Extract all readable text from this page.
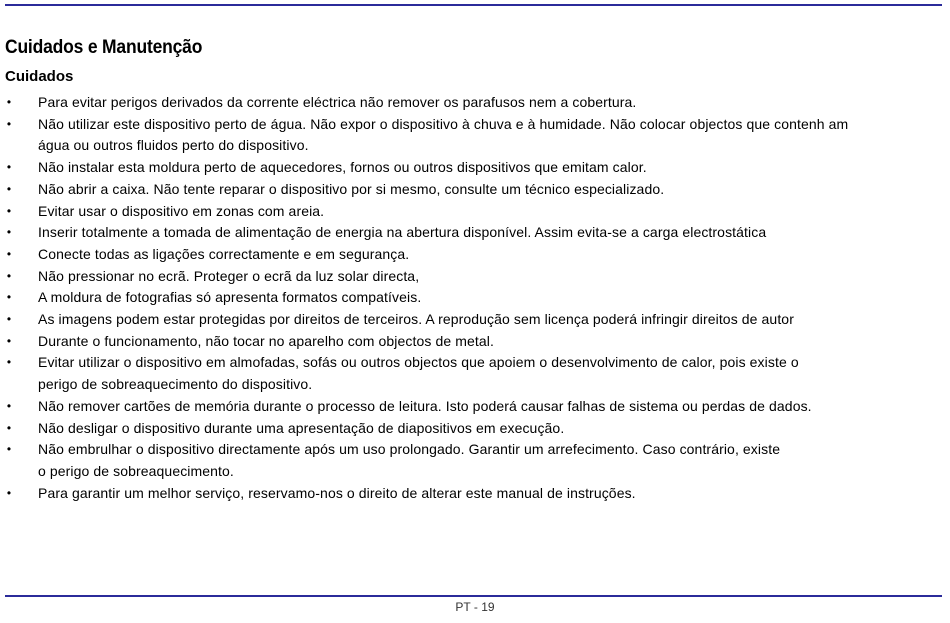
Cuidados e Manutenção
Cuidados
• Para evitar perigos derivados da corrente eléctrica não remover os parafusos nem a cobertura.
• Não utilizar este dispositivo perto de água. Não expor o dispositivo à chuva e à humidade. Não colocar objectos que contenh am
água ou outros fluidos perto do dispositivo.
• Não instalar esta moldura perto de aquecedores, fornos ou outros dispositivos que emitam calor.
• Não abrir a caixa. Não tente reparar o dispositivo por si mesmo, consulte um técnico especializado.
• Evitar usar o dispositivo em zonas com areia.
• Inserir totalmente a tomada de alimentação de energia na abertura disponível. Assim evita-se a carga electrostática
• Conecte todas as ligações correctamente e em segurança.
• Não pressionar no ecrã. Proteger o ecrã da luz solar directa,
• A moldura de fotografias só apresenta formatos compatíveis.
• As imagens podem estar protegidas por direitos de terceiros. A reprodução sem licença poderá infringir direitos de autor
• Durante o funcionamento, não tocar no aparelho com objectos de metal.
• Evitar utilizar o dispositivo em almofadas, sofás ou outros objectos que apoiem o desenvolvimento de calor, pois existe o
perigo de sobreaquecimento do dispositivo.
• Não remover cartões de memória durante o processo de leitura. Isto poderá causar falhas de sistema ou perdas de dados.
• Não desligar o dispositivo durante uma apresentação de diapositivos em execução.
• Não embrulhar o dispositivo directamente após um uso prolongado. Garantir um arrefecimento. Caso contrário, existe
o perigo de sobreaquecimento.
• Para garantir um melhor serviço, reservamo-nos o direito de alterar este manual de instruções.
PT - 19
